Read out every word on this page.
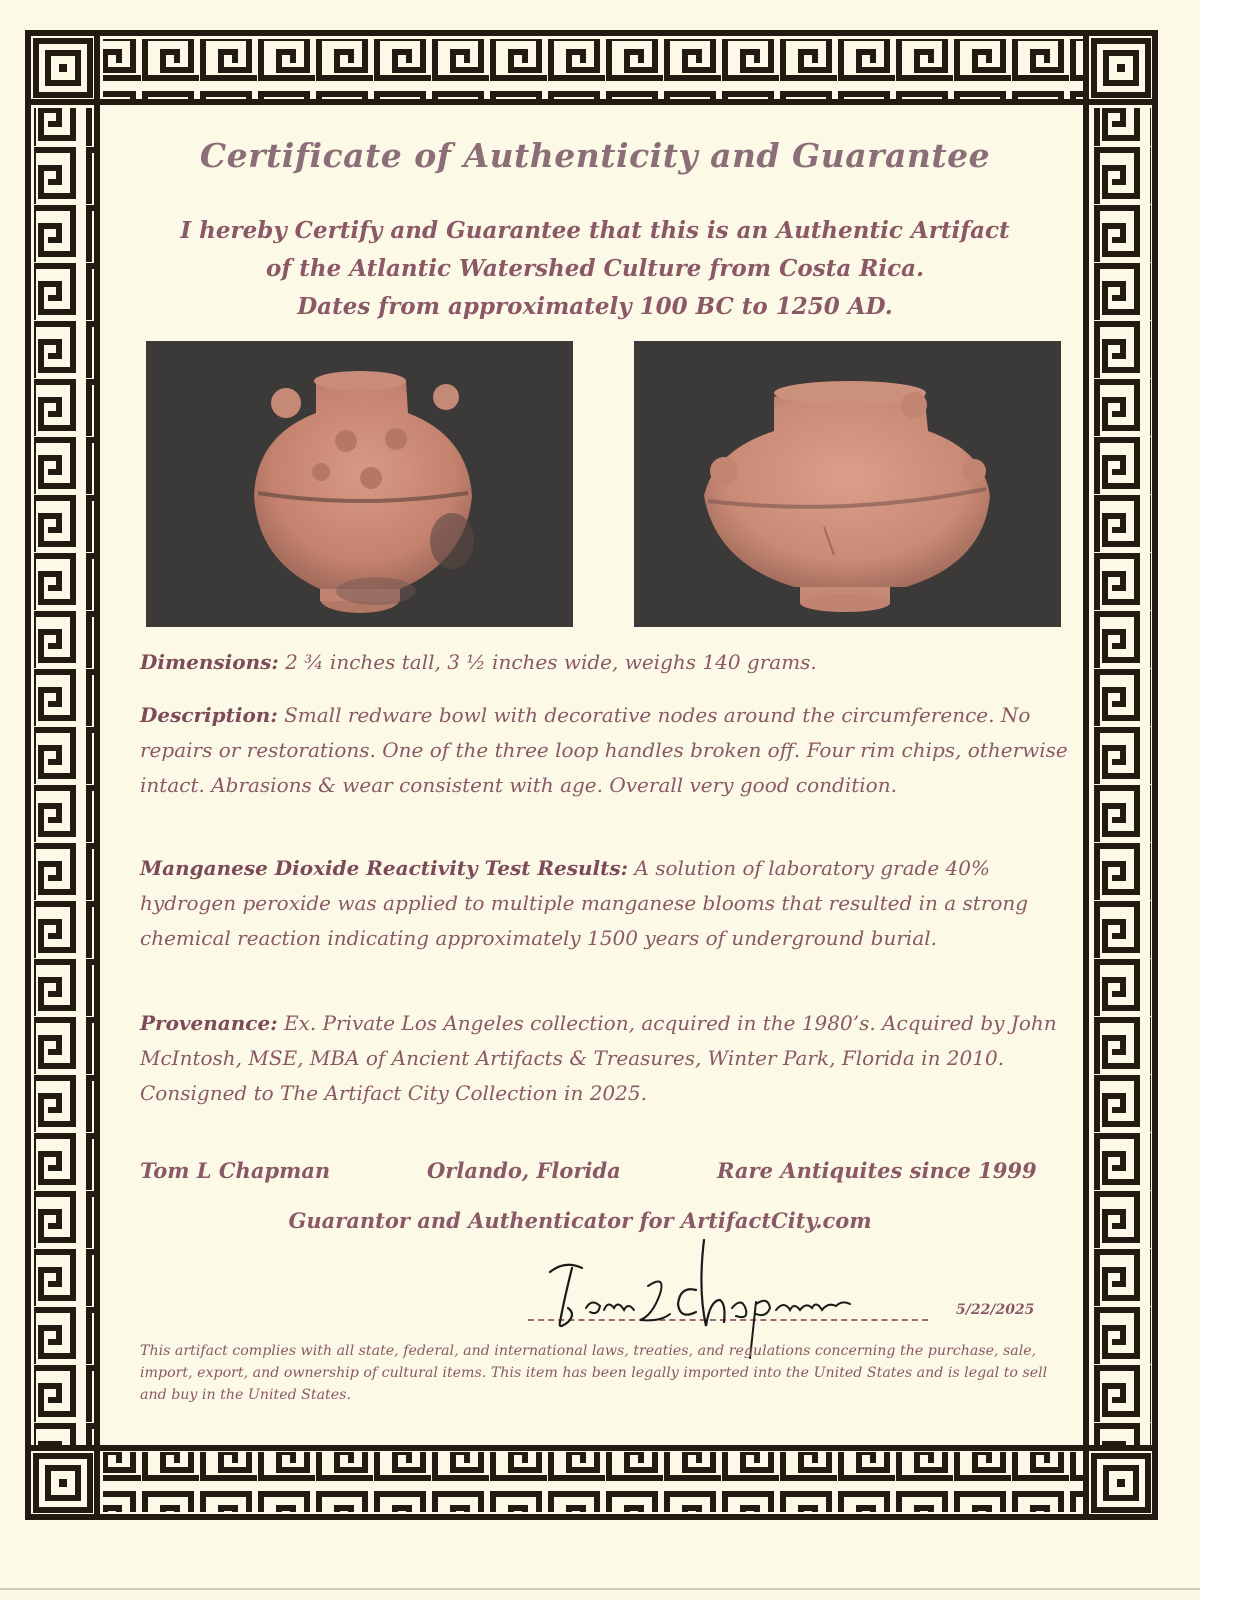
Certificate of Authenticity and Guarantee
I hereby Certify and Guarantee that this is an Authentic Artifact
of the Atlantic Watershed Culture from Costa Rica.
Dates from approximately 100 BC to 1250 AD.
Dimensions: 2 ¾ inches tall, 3 ½ inches wide, weighs 140 grams.
Description: Small redware bowl with decorative nodes around the circumference. No repairs or restorations. One of the three loop handles broken off. Four rim chips, otherwise intact. Abrasions & wear consistent with age. Overall very good condition.
Manganese Dioxide Reactivity Test Results: A solution of laboratory grade 40% hydrogen peroxide was applied to multiple manganese blooms that resulted in a strong chemical reaction indicating approximately 1500 years of underground burial.
Provenance: Ex. Private Los Angeles collection, acquired in the 1980’s. Acquired by John McIntosh, MSE, MBA of Ancient Artifacts & Treasures, Winter Park, Florida in 2010. Consigned to The Artifact City Collection in 2025.
Tom L Chapman	Orlando, Florida	Rare Antiquites since 1999
Guarantor and Authenticator for ArtifactCity.com
5/22/2025
This artifact complies with all state, federal, and international laws, treaties, and regulations concerning the purchase, sale, import, export, and ownership of cultural items. This item has been legally imported into the United States and is legal to sell and buy in the United States.
